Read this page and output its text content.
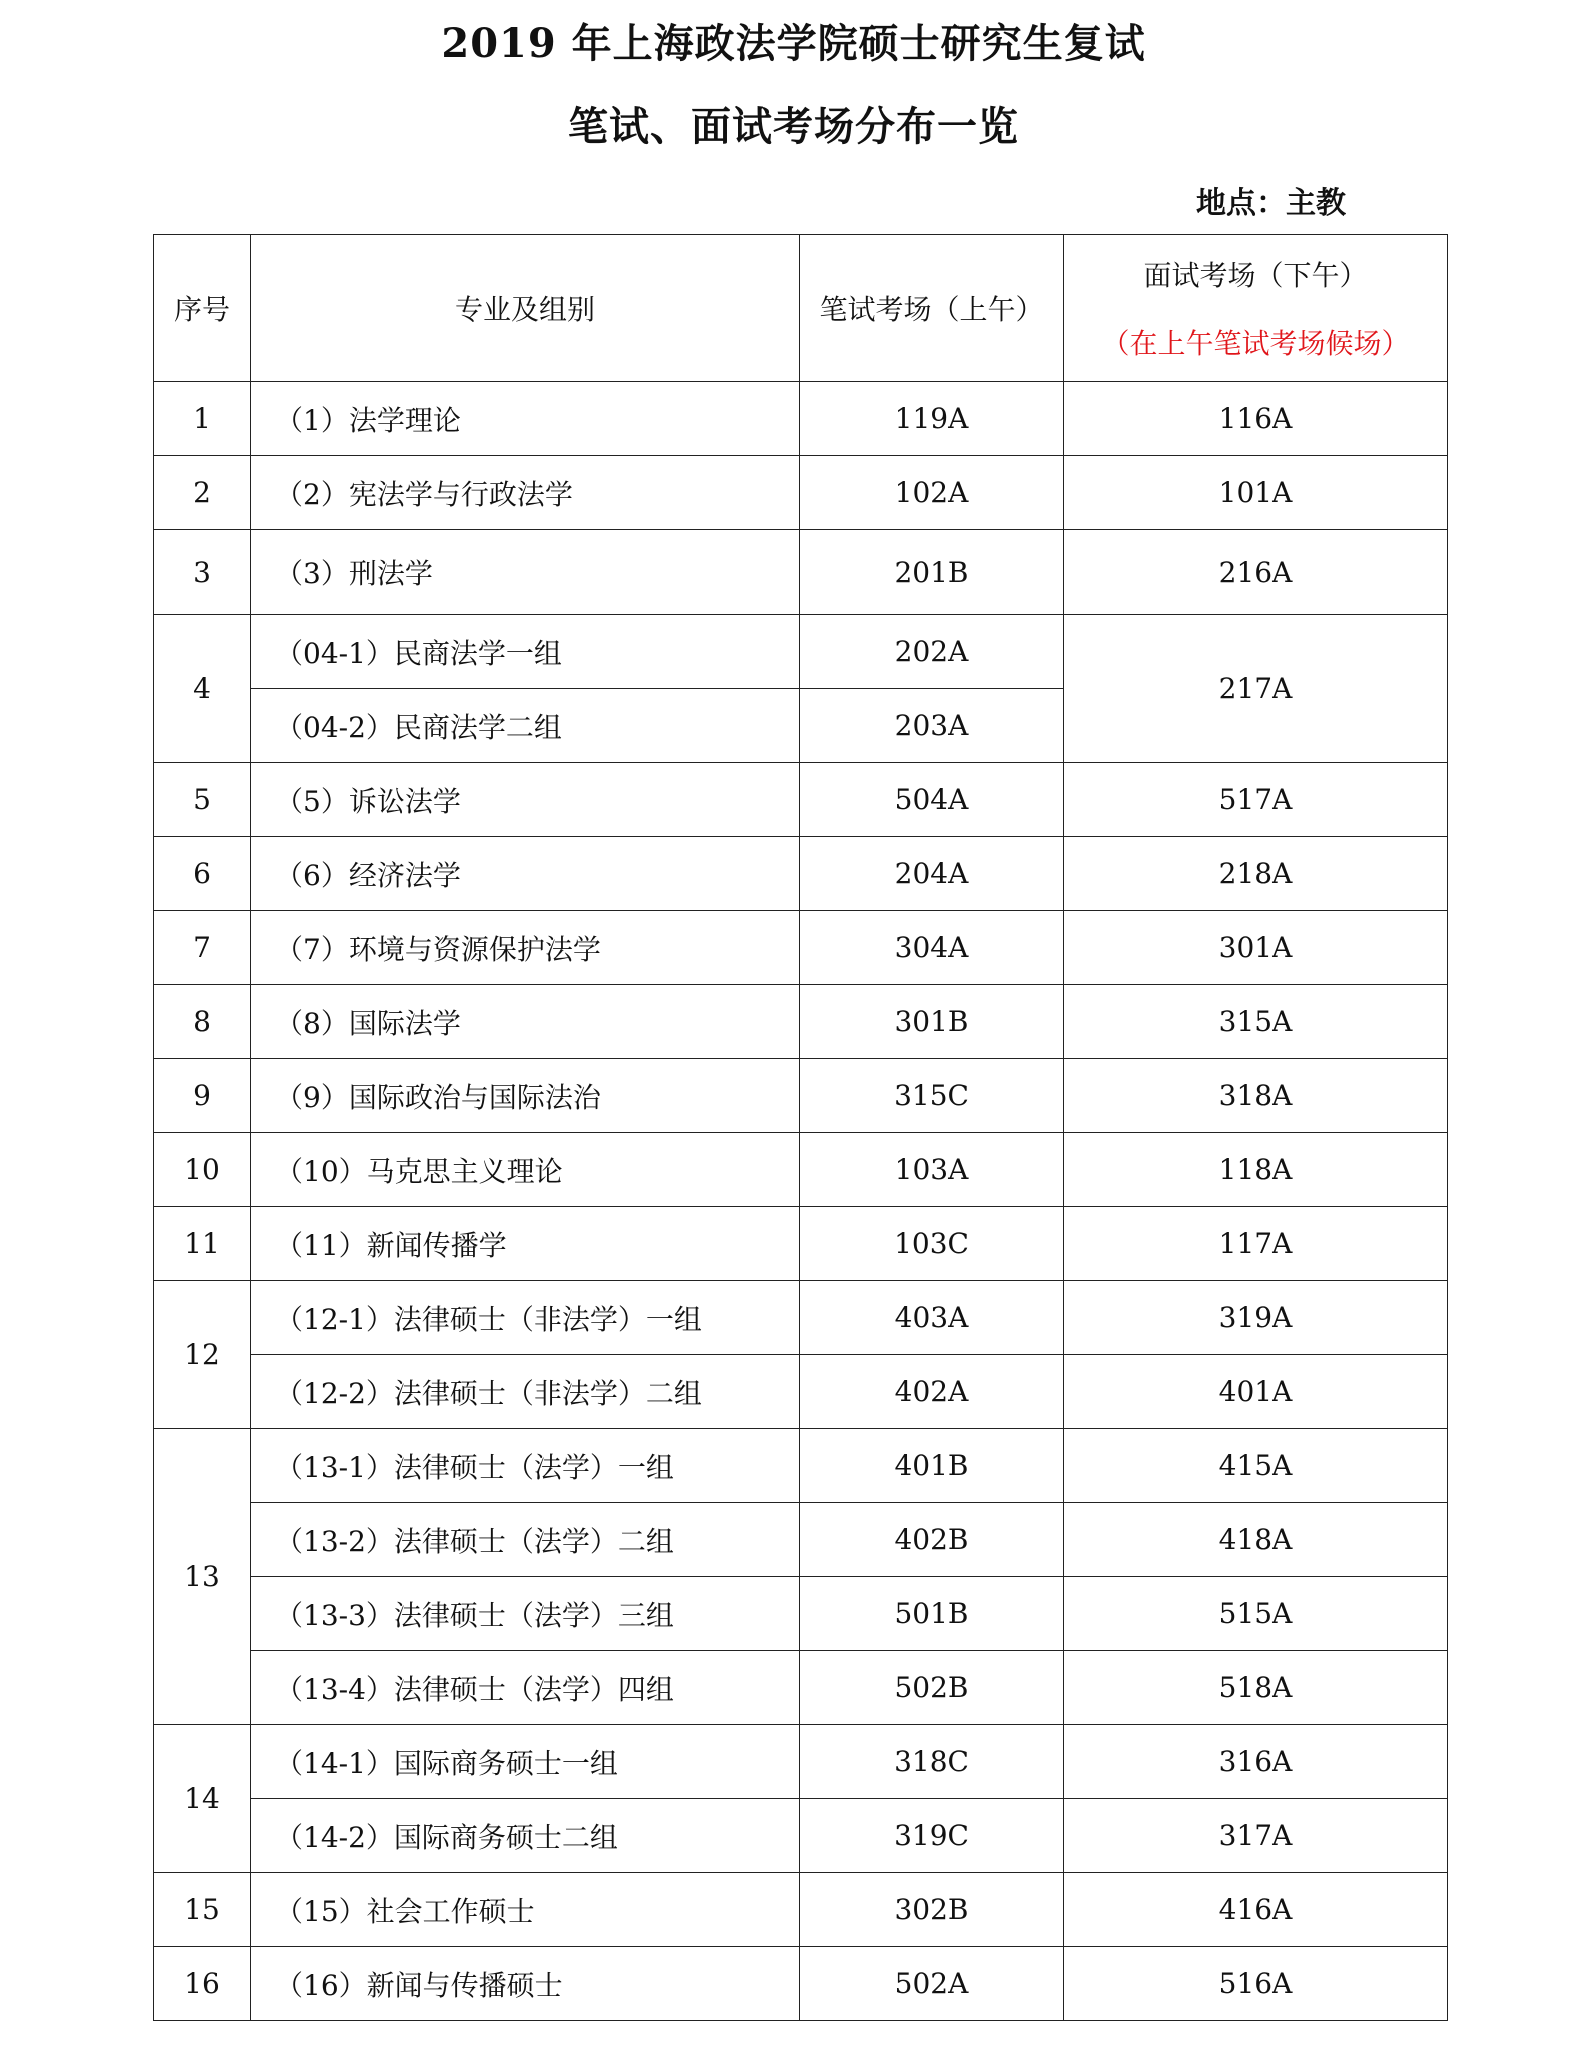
2019 年上海政法学院硕士研究生复试
笔试、面试考场分布一览
地点：主教
序号	专业及组别	笔试考场（上午）	面试考场（下午）
（在上午笔试考场候场）

1	（1）法学理论	119A	116A
2	（2）宪法学与行政法学	102A	101A
3	（3）刑法学	201B	216A
4	（04-1）民商法学一组	202A	217A
	（04-2）民商法学二组	203A	
5	（5）诉讼法学	504A	517A
6	（6）经济法学	204A	218A
7	（7）环境与资源保护法学	304A	301A
8	（8）国际法学	301B	315A
9	（9）国际政治与国际法治	315C	318A
10	（10）马克思主义理论	103A	118A
11	（11）新闻传播学	103C	117A
12	（12-1）法律硕士（非法学）一组	403A	319A
	（12-2）法律硕士（非法学）二组	402A	401A
13	（13-1）法律硕士（法学）一组	401B	415A
	（13-2）法律硕士（法学）二组	402B	418A
	（13-3）法律硕士（法学）三组	501B	515A
	（13-4）法律硕士（法学）四组	502B	518A
14	（14-1）国际商务硕士一组	318C	316A
	（14-2）国际商务硕士二组	319C	317A
15	（15）社会工作硕士	302B	416A
16	（16）新闻与传播硕士	502A	516A
